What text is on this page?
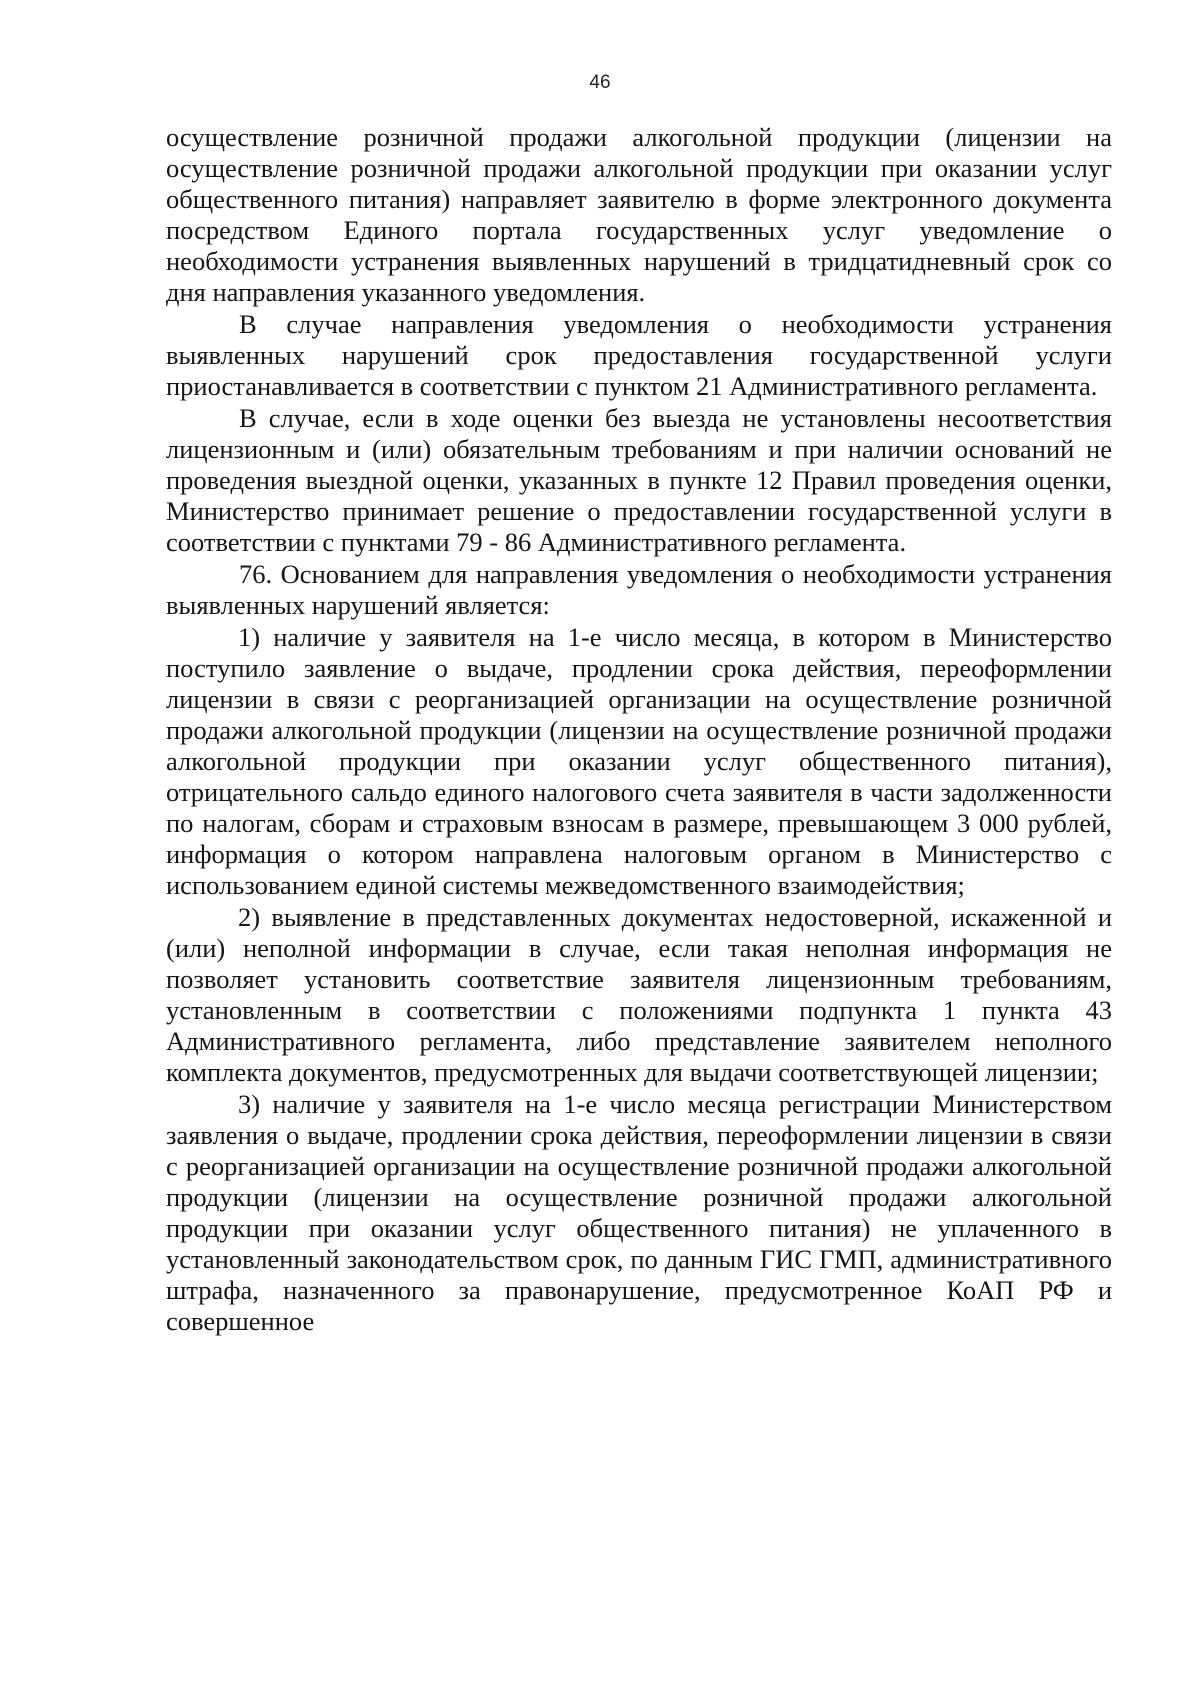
46

осуществление розничной продажи алкогольной продукции (лицензии на осуществление розничной продажи алкогольной продукции при оказании услуг общественного питания) направляет заявителю в форме электронного документа посредством Единого портала государственных услуг уведомление о необходимости устранения выявленных нарушений в тридцатидневный срок со дня направления указанного уведомления.

В случае направления уведомления о необходимости устранения выявленных нарушений срок предоставления государственной услуги приостанавливается в соответствии с пунктом 21 Административного регламента.

В случае, если в ходе оценки без выезда не установлены несоответствия лицензионным и (или) обязательным требованиям и при наличии оснований не проведения выездной оценки, указанных в пункте 12 Правил проведения оценки, Министерство принимает решение о предоставлении государственной услуги в соответствии с пунктами 79 - 86 Административного регламента.

76. Основанием для направления уведомления о необходимости устранения выявленных нарушений является:

1) наличие у заявителя на 1-е число месяца, в котором в Министерство поступило заявление о выдаче, продлении срока действия, переоформлении лицензии в связи с реорганизацией организации на осуществление розничной продажи алкогольной продукции (лицензии на осуществление розничной продажи алкогольной продукции при оказании услуг общественного питания), отрицательного сальдо единого налогового счета заявителя в части задолженности по налогам, сборам и страховым взносам в размере, превышающем 3 000 рублей, информация о котором направлена налоговым органом в Министерство с использованием единой системы межведомственного взаимодействия;

2) выявление в представленных документах недостоверной, искаженной и (или) неполной информации в случае, если такая неполная информация не позволяет установить соответствие заявителя лицензионным требованиям, установленным в соответствии с положениями подпункта 1 пункта 43 Административного регламента, либо представление заявителем неполного комплекта документов, предусмотренных для выдачи соответствующей лицензии;

3) наличие у заявителя на 1-е число месяца регистрации Министерством заявления о выдаче, продлении срока действия, переоформлении лицензии в связи с реорганизацией организации на осуществление розничной продажи алкогольной продукции (лицензии на осуществление розничной продажи алкогольной продукции при оказании услуг общественного питания) не уплаченного в установленный законодательством срок, по данным ГИС ГМП, административного штрафа, назначенного за правонарушение, предусмотренное КоАП РФ и совершенное
